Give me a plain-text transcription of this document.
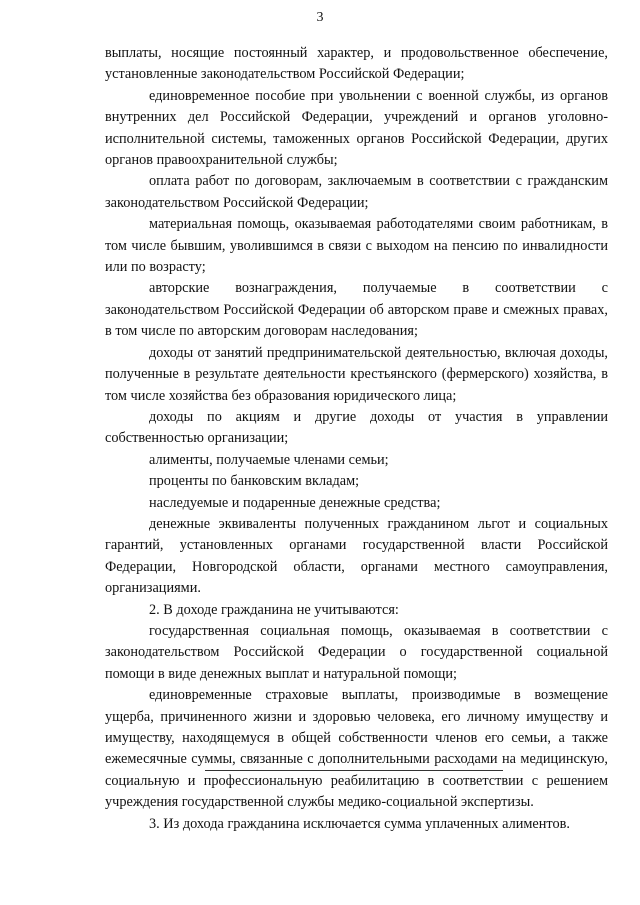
3

выплаты, носящие постоянный характер, и продовольственное обеспечение, установленные законодательством Российской Федерации;

единовременное пособие при увольнении с военной службы, из органов внутренних дел Российской Федерации, учреждений и органов уголовно-исполнительной системы, таможенных органов Российской Федерации, других органов правоохранительной службы;

оплата работ по договорам, заключаемым в соответствии с гражданским законодательством Российской Федерации;

материальная помощь, оказываемая работодателями своим работникам, в том числе бывшим, уволившимся в связи с выходом на пенсию по инвалидности или по возрасту;

авторские вознаграждения, получаемые в соответствии с законодательством Российской Федерации об авторском праве и смежных правах, в том числе по авторским договорам наследования;

доходы от занятий предпринимательской деятельностью, включая доходы, полученные в результате деятельности крестьянского (фермерского) хозяйства, в том числе хозяйства без образования юридического лица;

доходы по акциям и другие доходы от участия в управлении собственностью организации;

алименты, получаемые членами семьи;

проценты по банковским вкладам;

наследуемые и подаренные денежные средства;

денежные эквиваленты полученных гражданином льгот и социальных гарантий, установленных органами государственной власти Российской Федерации, Новгородской области, органами местного самоуправления, организациями.

2. В доходе гражданина не учитываются:

государственная социальная помощь, оказываемая в соответствии с законодательством Российской Федерации о государственной социальной помощи в виде денежных выплат и натуральной помощи;

единовременные страховые выплаты, производимые в возмещение ущерба, причиненного жизни и здоровью человека, его личному имуществу и имуществу, находящемуся в общей собственности членов его семьи, а также ежемесячные суммы, связанные с дополнительными расходами на медицинскую, социальную и профессиональную реабилитацию в соответствии с решением учреждения государственной службы медико-социальной экспертизы.

3. Из дохода гражданина исключается сумма уплаченных алиментов.
